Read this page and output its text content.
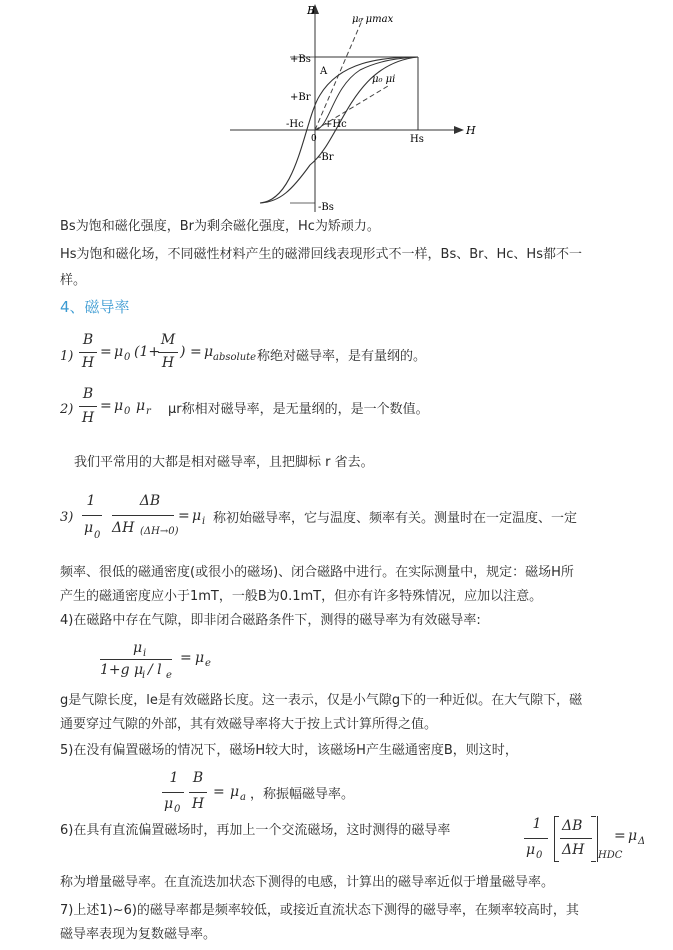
B
H
μ₀ μmax
μ₀ μi
+Bs
+Br
A
-Hc +Hc
0
-Br
-Bs
Hs
Bs为饱和磁化强度，Br为剩余磁化强度，Hc为矫顽力。
Hs为饱和磁化场，不同磁性材料产生的磁滞回线表现形式不一样，Bs、Br、Hc、Hs都不一
样。
4、磁导率
1)
B
H
= μ 0 (1+
M
H
) = μ absolute 称绝对磁导率，是有量纲的。
2)
B
H
= μ 0 μ r μr称相对磁导率，是无量纲的，是一个数值。
我们平常用的大都是相对磁导率，且把脚标 r 省去。
3)
1
μ 0
ΔB
ΔH (ΔH→0)
= μ i 称初始磁导率，它与温度、频率有关。测量时在一定温度、一定
频率、很低的磁通密度(或很小的磁场)、闭合磁路中进行。在实际测量中，规定：磁场H所
产生的磁通密度应小于1mT，一般B为0.1mT，但亦有许多特殊情况，应加以注意。
4)在磁路中存在气隙，即非闭合磁路条件下，测得的磁导率为有效磁导率:
μ i
1+g μ
i / l e
= μ e
g是气隙长度，le是有效磁路长度。这一表示，仅是小气隙g下的一种近似。在大气隙下，磁
通要穿过气隙的外部，其有效磁导率将大于按上式计算所得之值。
5)在没有偏置磁场的情况下，磁场H较大时，该磁场H产生磁通密度B，则这时，
1
μ 0
B
H
= μ a ，称振幅磁导率。
6)在具有直流偏置磁场时，再加上一个交流磁场，这时测得的磁导率	1
μ 0
ΔB
ΔH HDC
= μ Δ
称为增量磁导率。在直流迭加状态下测得的电感，计算出的磁导率近似于增量磁导率。
7)上述1)~6)的磁导率都是频率较低，或接近直流状态下测得的磁导率，在频率较高时，其
磁导率表现为复数磁导率。
